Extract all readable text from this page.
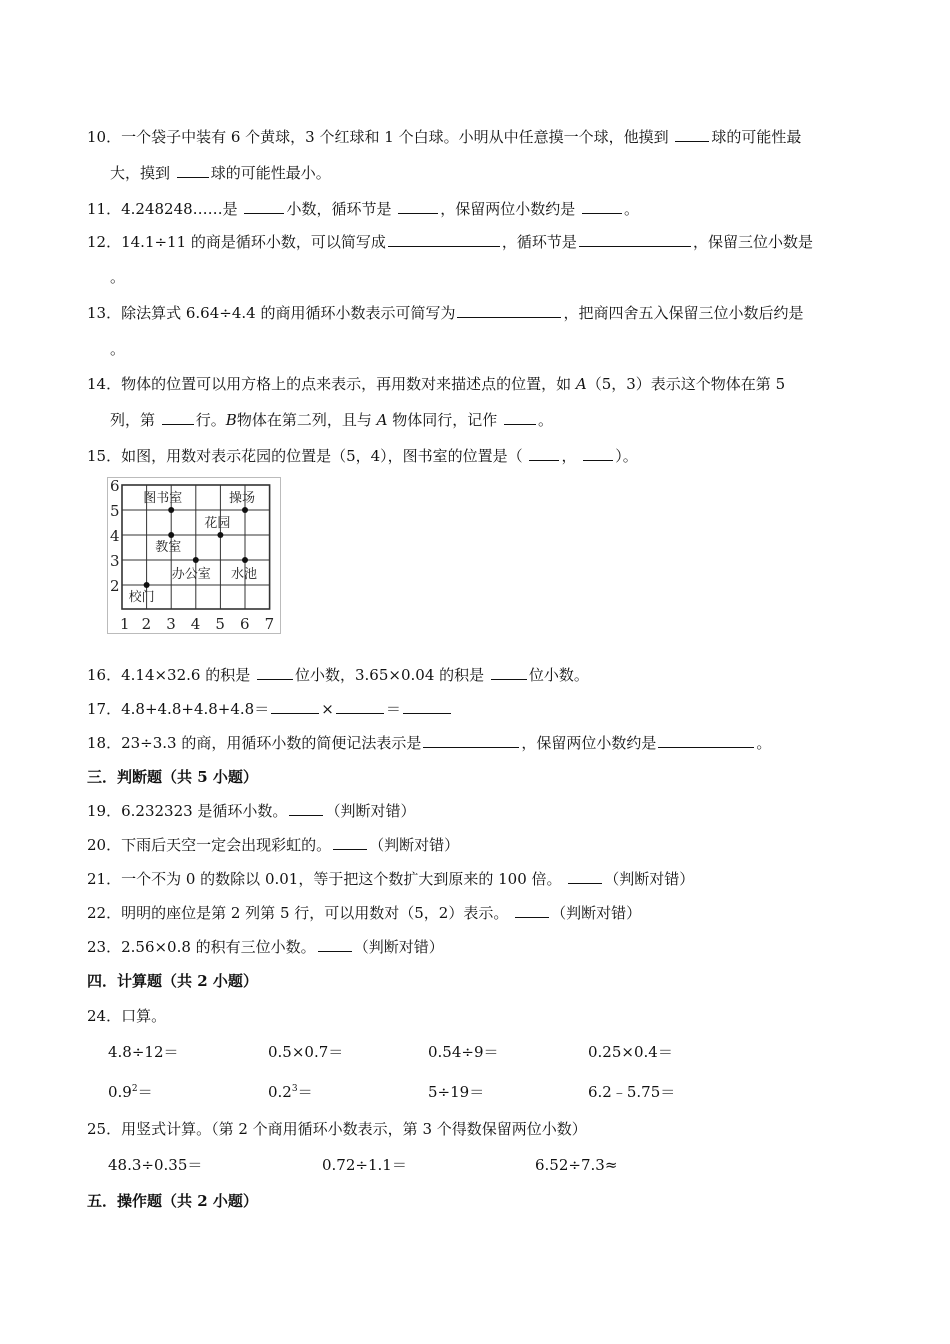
10．一个袋子中装有 6 个黄球，3 个红球和 1 个白球。小明从中任意摸一个球，他摸到	球的可能性最
大，摸到 球的可能性最小。
11．4.248248……是	小数，循环节是	，保留两位小数约是	。
12．14.1÷11 的商是循环小数，可以简写成	，循环节是	，保留三位小数是
。
13．除法算式 6.64÷4.4 的商用循环小数表示可简写为	，把商四舍五入保留三位小数后约是
。
14．物体的位置可以用方格上的点来表示，再用数对来描述点的位置，如 A（5，3）表示这个物体在第 5
列，第 行。B物体在第二列，且与 A 物体同行，记作 。
15．如图，用数对表示花园的位置是（5，4），图书室的位置是（ ， ）。
6
5
4
3
2
1 2 3 4 5 6 7
图书室	操场
花园
教室
办公室 水池
校门
16．4.14×32.6 的积是	位小数，3.65×0.04 的积是	位小数。
17．4.8+4.8+4.8+4.8＝	×	＝
18．23÷3.3 的商，用循环小数的简便记法表示是	，保留两位小数约是	。
三．判断题（共 5 小题）
19．6.232323 是循环小数。	（判断对错）
20．下雨后天空一定会出现彩虹的。	（判断对错）
21．一个不为 0 的数除以 0.01，等于把这个数扩大到原来的 100 倍。	（判断对错）
22．明明的座位是第 2 列第 5 行，可以用数对（5，2）表示。	（判断对错）
23．2.56×0.8 的积有三位小数。	（判断对错）
四．计算题（共 2 小题）
24．口算。
4.8÷12＝	0.5×0.7＝	0.54÷9＝	0.25×0.4＝
$0.9^2=$	$0.2^3=$	5÷19＝	6.2﹣5.75＝
25．用竖式计算。（第 2 个商用循环小数表示，第 3 个得数保留两位小数）
48.3÷0.35＝	0.72÷1.1＝	6.52÷7.3≈
五．操作题（共 2 小题）
